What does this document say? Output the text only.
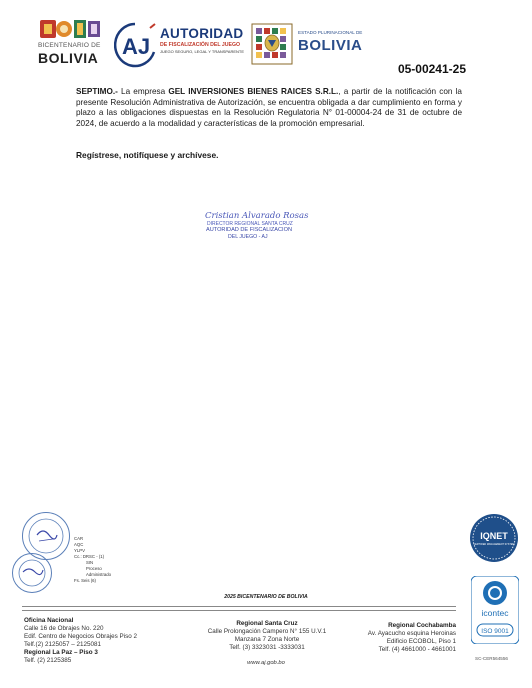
BICENTENARIO DE
BOLIVIA AJ
AUTORIDAD
DE FISCALIZACIÓN DEL JUEGO
JUEGO SEGURO, LEGAL Y TRANSPARENTE
ESTADO PLURINACIONAL DE
BOLIVIA
05-00241-25
SEPTIMO.- La empresa GEL INVERSIONES BIENES RAICES S.R.L., a partir de la notificación con la presente Resolución Administrativa de Autorización, se encuentra obligada a dar cumplimiento en forma y plazo a las obligaciones dispuestas en la Resolución Regulatoria N° 01-00004-24 de 31 de octubre de 2024, de acuerdo a la modalidad y características de la promoción empresarial.
Regístrese, notifíquese y archívese.
Cristian Alvarado Rosas
DIRECTOR REGIONAL SANTA CRUZ
AUTORIDAD DE FISCALIZACION
DEL JUEGO - AJ
CAR
AQC
YLPV
Cc.: DRSC - (1)
SIN
Proceso
Administrado
Fs. Seis (6)
IQNET
CERTIFIED MANAGEMENT SYSTEM
icontec
ISO 9001
SC-CER564556
2025 BICENTENARIO DE BOLIVIA
Oficina Nacional
Calle 16 de Obrajes No. 220
Edif. Centro de Negocios Obrajes Piso 2
Telf.(2) 2125057 – 2125081
Regional La Paz – Piso 3
Telf. (2) 2125385
Regional Santa Cruz
Calle Prolongación Campero N° 155 U.V.1
Manzana 7 Zona Norte
Telf. (3) 3323031 -3333031
Regional Cochabamba
Av. Ayacucho esquina Heroinas
Edificio ECOBOL, Piso 1
Telf. (4) 4661000 - 4661001
www.aj.gob.bo
